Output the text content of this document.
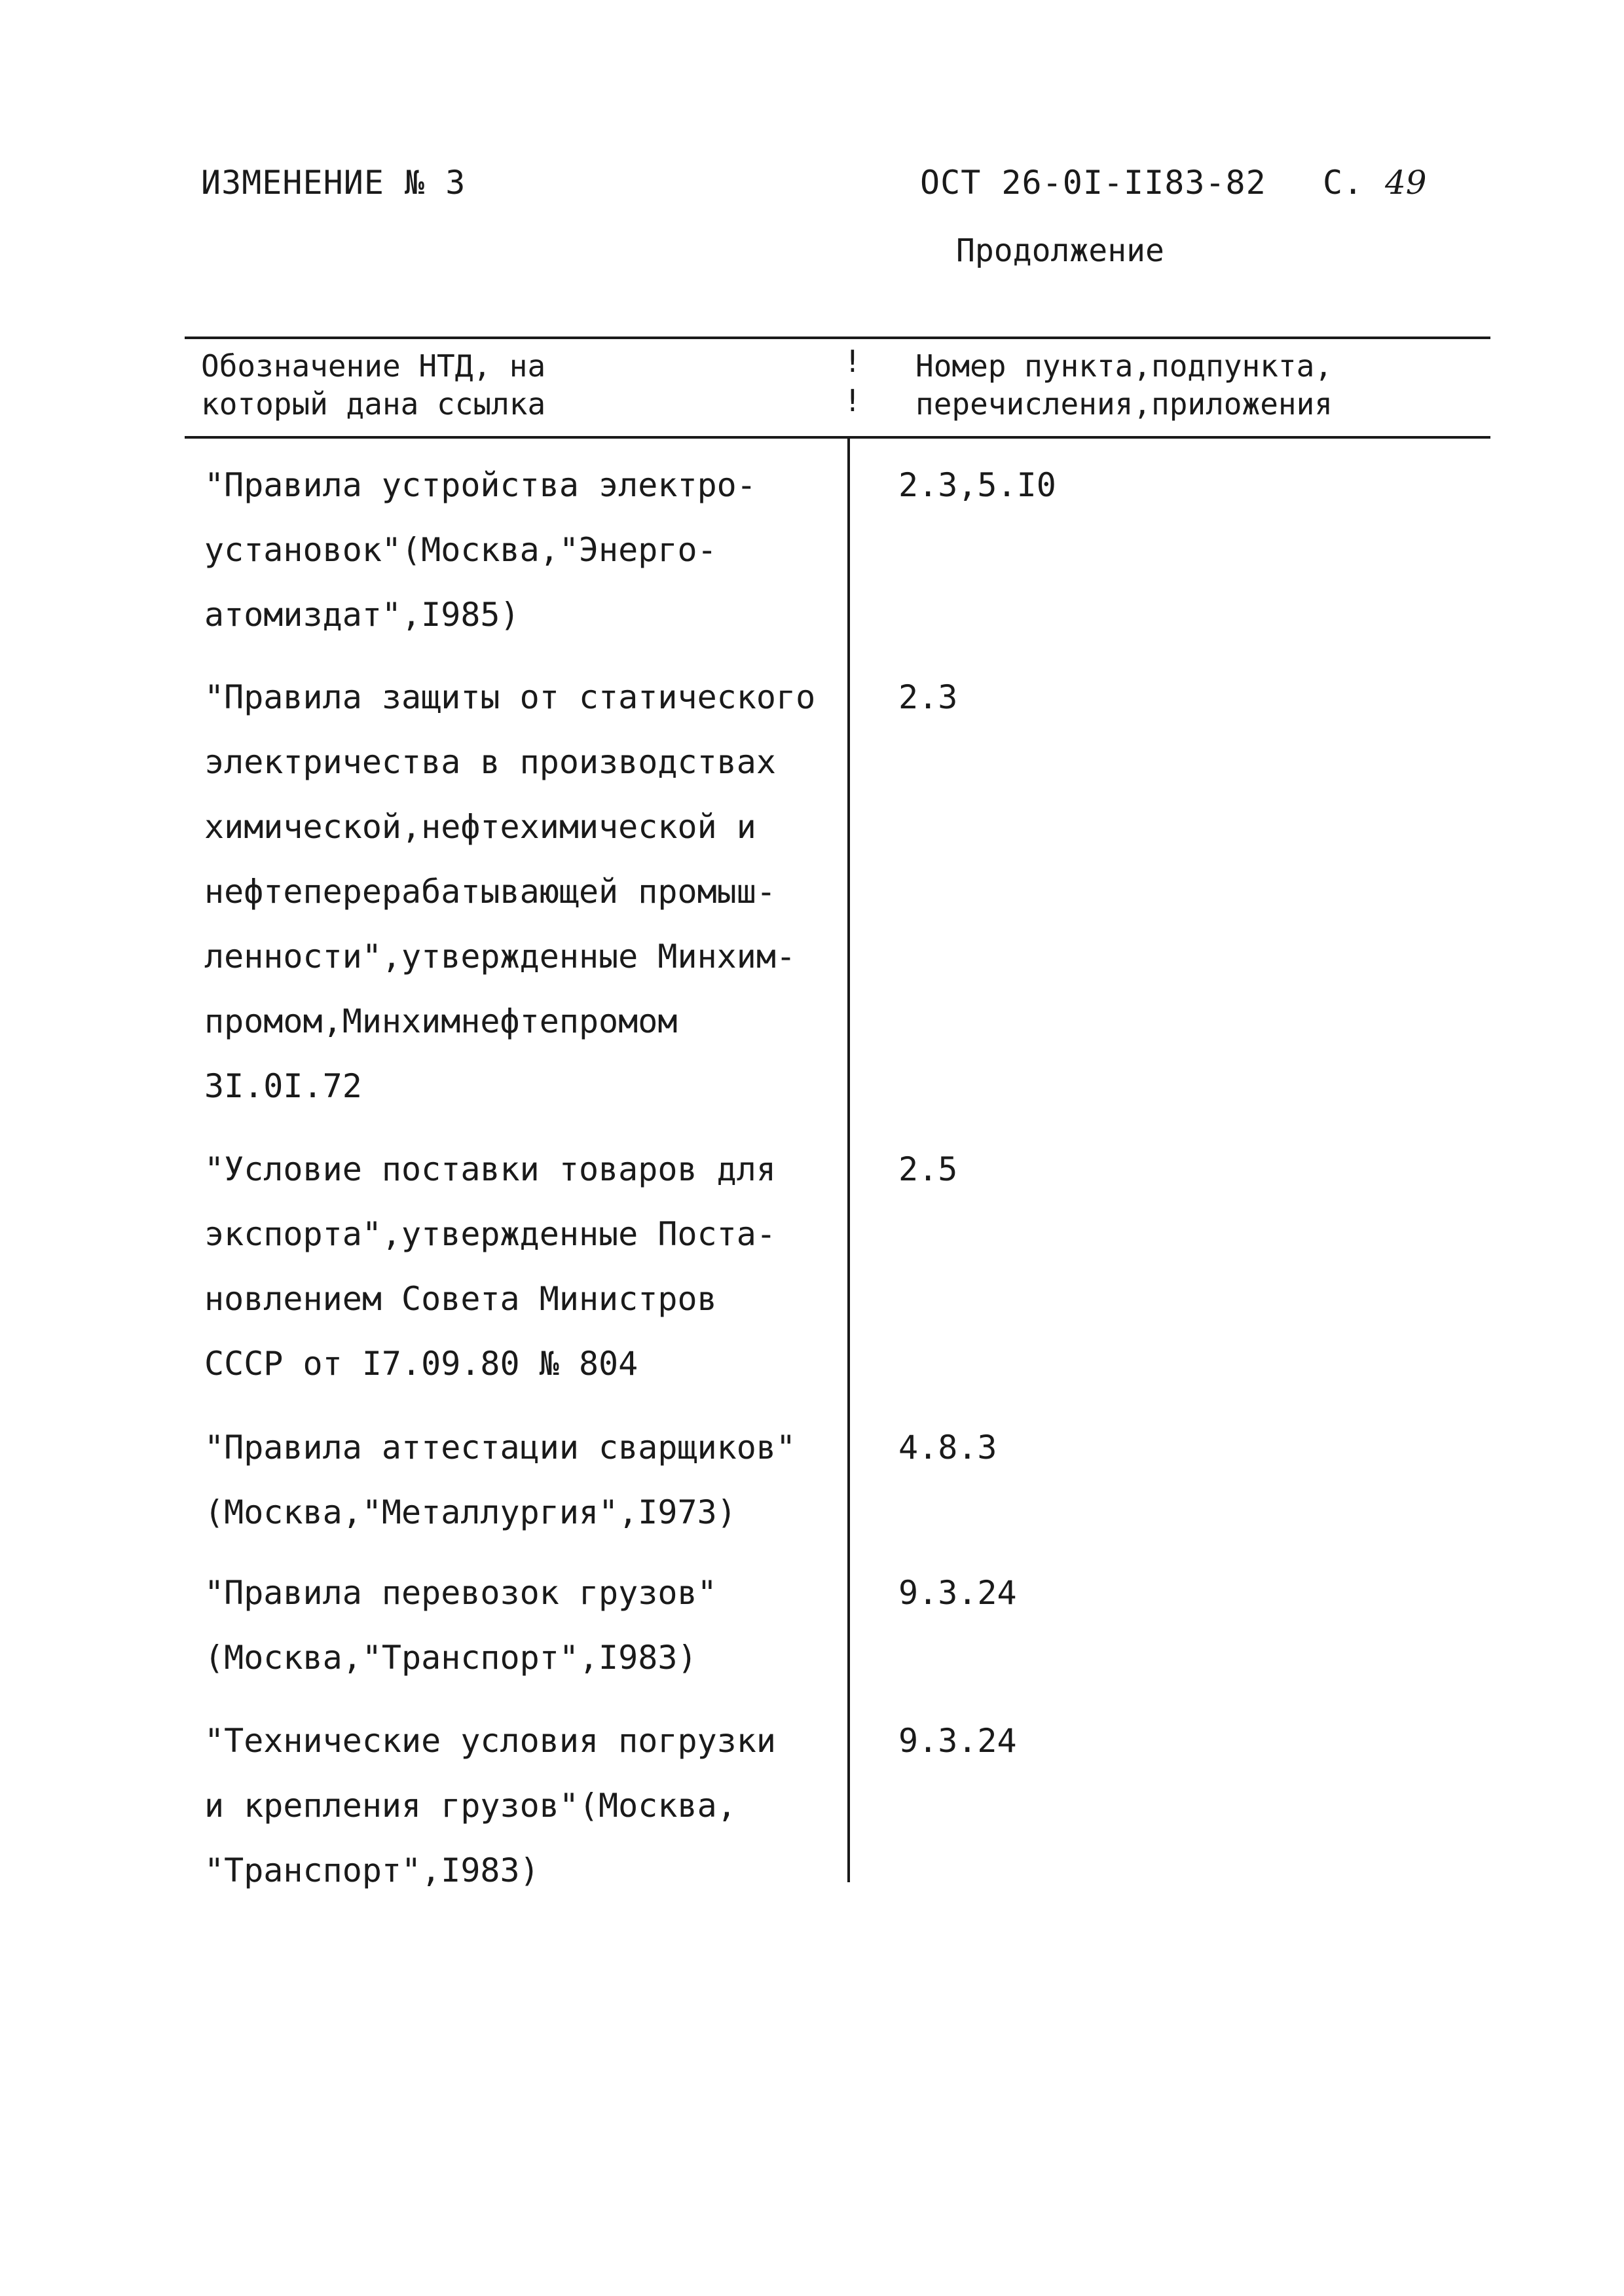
ИЗМЕНЕНИЕ № 3	ОСТ 26-0I-II83-82 С. 49
Продолжение
Обозначение НТД, на
который дана ссылка
!
!
Номер пункта,подпункта,
перечисления,приложения
"Правила устройства электро-
установок"(Москва,"Энерго-
атомиздат",I985)
2.3,5.I0
"Правила защиты от статического
электричества в производствах
химической,нефтехимической и
нефтеперерабатывающей промыш-
ленности",утвержденные Минхим-
промом,Минхимнефтепромом
3I.0I.72
2.3
"Условие поставки товаров для
экспорта",утвержденные Поста-
новлением Совета Министров
СССР от I7.09.80 № 804
2.5
"Правила аттестации сварщиков"
(Москва,"Металлургия",I973)
4.8.3
"Правила перевозок грузов"
(Москва,"Транспорт",I983)
9.3.24
"Технические условия погрузки
и крепления грузов"(Москва,
"Транспорт",I983)
9.3.24
